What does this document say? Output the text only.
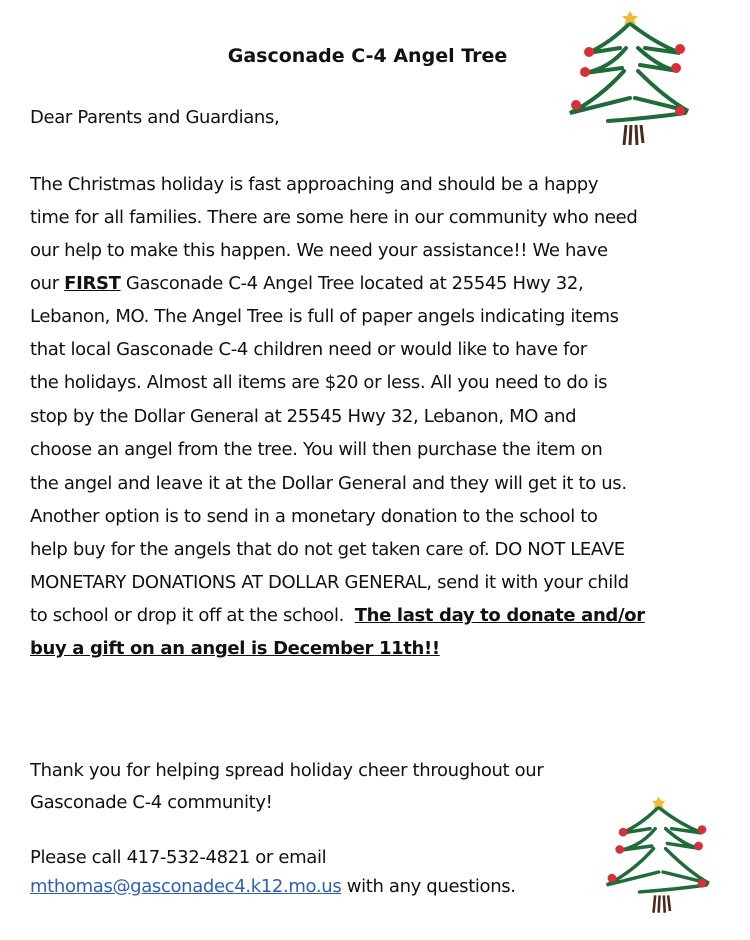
Gasconade C-4 Angel Tree
Dear Parents and Guardians,
The Christmas holiday is fast approaching and should be a happy
time for all families. There are some here in our community who need
our help to make this happen. We need your assistance!! We have
our FIRST Gasconade C-4 Angel Tree located at 25545 Hwy 32,
Lebanon, MO. The Angel Tree is full of paper angels indicating items
that local Gasconade C-4 children need or would like to have for
the holidays. Almost all items are $20 or less. All you need to do is
stop by the Dollar General at 25545 Hwy 32, Lebanon, MO and
choose an angel from the tree. You will then purchase the item on
the angel and leave it at the Dollar General and they will get it to us.
Another option is to send in a monetary donation to the school to
help buy for the angels that do not get taken care of. DO NOT LEAVE
MONETARY DONATIONS AT DOLLAR GENERAL, send it with your child
to school or drop it off at the school.  The last day to donate and/or
buy a gift on an angel is December 11th!!
Thank you for helping spread holiday cheer throughout our
Gasconade C-4 community!
Please call 417-532-4821 or email
mthomas@gasconadec4.k12.mo.us with any questions.
